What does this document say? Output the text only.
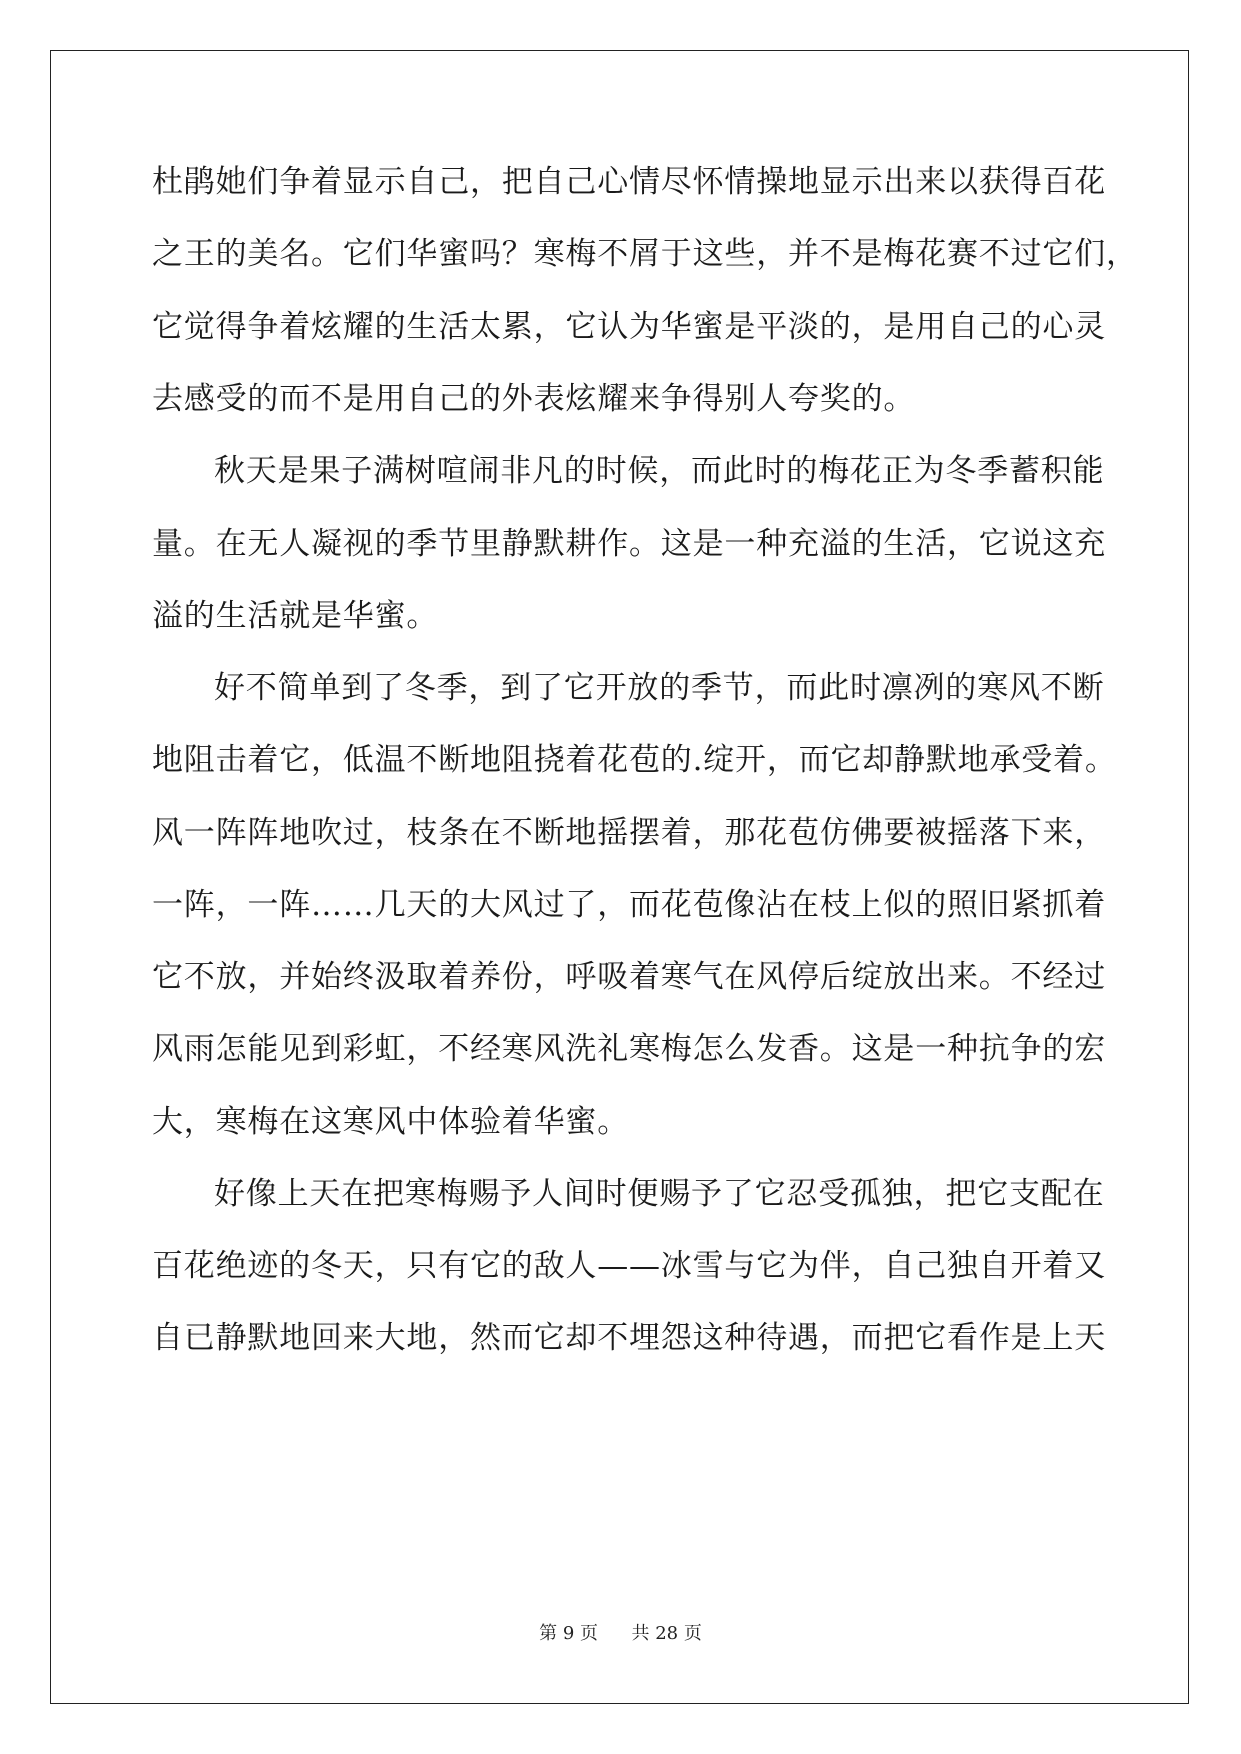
杜鹃她们争着显示自己，把自己心情尽怀情操地显示出来以获得百花
之王的美名。它们华蜜吗？寒梅不屑于这些，并不是梅花赛不过它们，
它觉得争着炫耀的生活太累，它认为华蜜是平淡的，是用自己的心灵
去感受的而不是用自己的外表炫耀来争得别人夸奖的。
秋天是果子满树喧闹非凡的时候，而此时的梅花正为冬季蓄积能
量。在无人凝视的季节里静默耕作。这是一种充溢的生活，它说这充
溢的生活就是华蜜。
好不简单到了冬季，到了它开放的季节，而此时凛冽的寒风不断
地阻击着它，低温不断地阻挠着花苞的.绽开，而它却静默地承受着。
风一阵阵地吹过，枝条在不断地摇摆着，那花苞仿佛要被摇落下来，
一阵，一阵……几天的大风过了，而花苞像沾在枝上似的照旧紧抓着
它不放，并始终汲取着养份，呼吸着寒气在风停后绽放出来。不经过
风雨怎能见到彩虹，不经寒风洗礼寒梅怎么发香。这是一种抗争的宏
大，寒梅在这寒风中体验着华蜜。
好像上天在把寒梅赐予人间时便赐予了它忍受孤独，把它支配在
百花绝迹的冬天，只有它的敌人——冰雪与它为伴，自己独自开着又
自已静默地回来大地，然而它却不埋怨这种待遇，而把它看作是上天
第 9 页 共 28 页
